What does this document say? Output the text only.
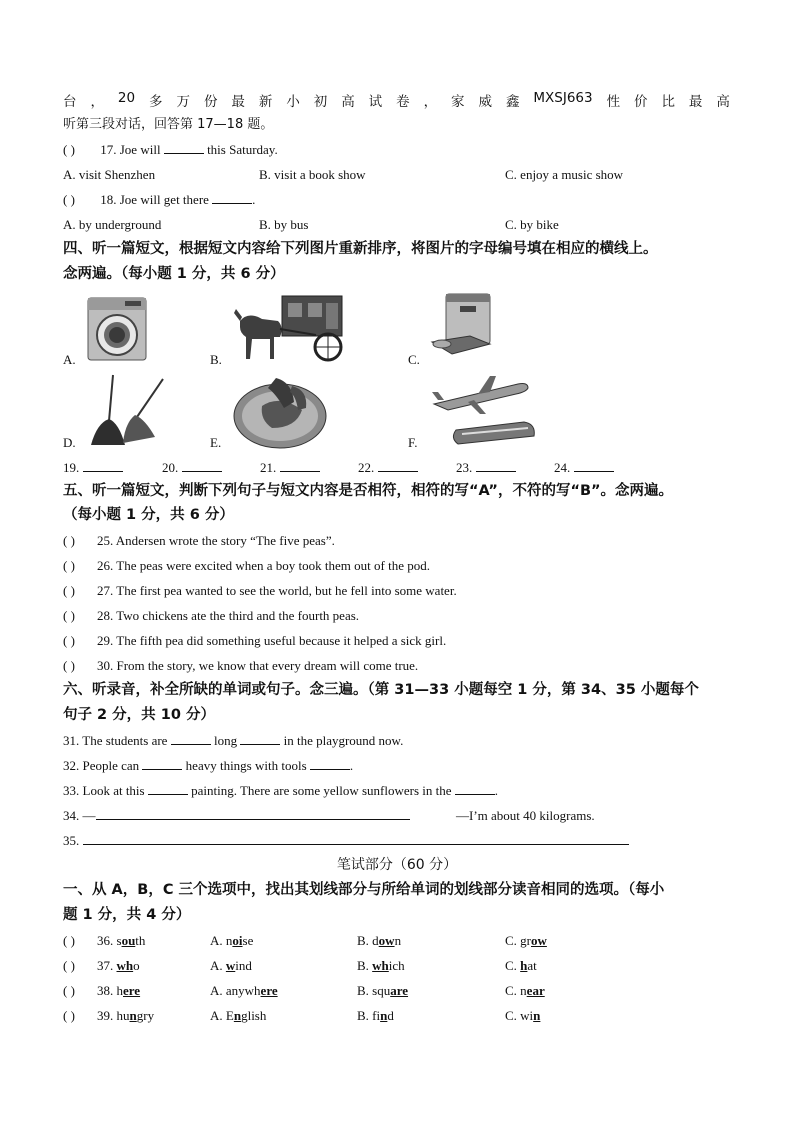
台 ， 20 多 万 份 最 新 小 初 高 试 卷 ， 家 威 鑫 MXSJ663 性 价 比 最 高
听第三段对话，回答第 17—18 题。
( ) 17. Joe will	this Saturday.
A. visit Shenzhen	B. visit a book show	C. enjoy a music show
( ) 18. Joe will get there	.
A. by underground	B. by bus	C. by bike
四、听一篇短文，根据短文内容给下列图片重新排序，将图片的字母编号填在相应的横线上。
念两遍。（每小题 1 分，共 6 分）
A.	B.	C.
D.	E.	F.
19.	20.	21.	22.	23.	24.
五、听一篇短文，判断下列句子与短文内容是否相符，相符的写“A”，不符的写“B”。念两遍。
（每小题 1 分，共 6 分）
( ) 25. Andersen wrote the story “The five peas”.
( ) 26. The peas were excited when a boy took them out of the pod.
( ) 27. The first pea wanted to see the world, but he fell into some water.
( ) 28. Two chickens ate the third and the fourth peas.
( ) 29. The fifth pea did something useful because it helped a sick girl.
( ) 30. From the story, we know that every dream will come true.
六、听录音，补全所缺的单词或句子。念三遍。（第 31—33 小题每空 1 分，第 34、35 小题每个
句子 2 分，共 10 分）
31. The students are	long	in the playground now.
32. People can	heavy things with tools	.
33. Look at this	painting. There are some yellow sunflowers in the	.
34. —	—I’m about 40 kilograms.
35.
笔试部分（60 分）
一、从 A，B，C 三个选项中，找出其划线部分与所给单词的划线部分读音相同的选项。（每小
题 1 分，共 4 分）
( ) 36. south	A. noise	B. down	C. grow
( ) 37. who	A. wind	B. which	C. hat
( ) 38. here	A. anywhere	B. square	C. near
( ) 39. hungry	A. English	B. find	C. win
